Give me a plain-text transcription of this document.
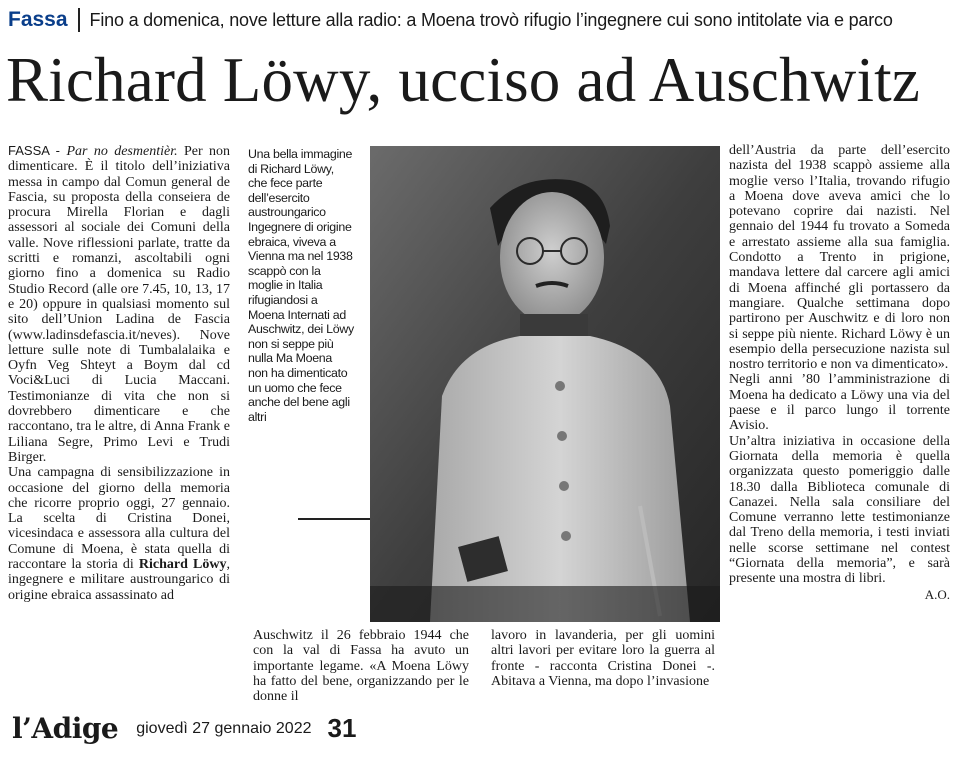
Fassa Fino a domenica, nove letture alla radio: a Moena trovò rifugio l’ingegnere cui sono intitolate via e parco
Richard Löwy, ucciso ad Auschwitz

FASSA - Par no desmentièr. Per non dimenticare. È il titolo dell’iniziativa messa in campo dal Comun general de Fascia, su proposta della conseiera de procura Mirella Florian e dagli assessori al sociale dei Comuni della valle. Nove riflessioni parlate, tratte da scritti e romanzi, ascoltabili ogni giorno fino a domenica su Radio Studio Record (alle ore 7.45, 10, 13, 17 e 20) oppure in qualsiasi momento sul sito dell’Union Ladina de Fascia (www.ladinsdefascia.it/neves). Nove letture sulle note di Tumbalalaika e Oyfn Veg Shteyt a Boym dal cd Voci&Luci di Lucia Maccani. Testimonianze di vita che non si dovrebbero dimenticare e che raccontano, tra le altre, di Anna Frank e Liliana Segre, Primo Levi e Trudi Birger.

Una campagna di sensibilizzazione in occasione del giorno della memoria che ricorre proprio oggi, 27 gennaio. La scelta di Cristina Donei, vicesindaca e assessora alla cultura del Comune di Moena, è stata quella di raccontare la storia di Richard Löwy, ingegnere e militare austroungarico di origine ebraica assassinato ad

Una bella immagine di Richard Löwy, che fece parte dell’esercito austroungarico Ingegnere di origine ebraica, viveva a Vienna ma nel 1938 scappò con la moglie in Italia rifugiandosi a Moena Internati ad Auschwitz, dei Löwy non si seppe più nulla Ma Moena non ha dimenticato un uomo che fece anche del bene agli altri

Auschwitz il 26 febbraio 1944 che con la val di Fassa ha avuto un importante legame. «A Moena Löwy ha fatto del bene, organizzando per le donne il

lavoro in lavanderia, per gli uomini altri lavori per evitare loro la guerra al fronte - racconta Cristina Donei -. Abitava a Vienna, ma dopo l’invasione

dell’Austria da parte dell’esercito nazista del 1938 scappò assieme alla moglie verso l’Italia, trovando rifugio a Moena dove aveva amici che lo potevano coprire dai nazisti. Nel gennaio del 1944 fu trovato a Someda e arrestato assieme alla sua famiglia. Condotto a Trento in prigione, mandava lettere dal carcere agli amici di Moena affinché gli portassero da mangiare. Qualche settimana dopo partirono per Auschwitz e di loro non si seppe più niente. Richard Löwy è un esempio della persecuzione nazista sul nostro territorio e non va dimenticato».

Negli anni ’80 l’amministrazione di Moena ha dedicato a Löwy una via del paese e il parco lungo il torrente Avisio.

Un’altra iniziativa in occasione della Giornata della memoria è quella organizzata questo pomeriggio dalle 18.30 dalla Biblioteca comunale di Canazei. Nella sala consiliare del Comune verranno lette testimonianze dal Treno della memoria, i testi inviati nelle scorse settimane nel contest “Giornata della memoria”, e sarà presente una mostra di libri.

A.O.
l’Adige giovedì 27 gennaio 2022 31
